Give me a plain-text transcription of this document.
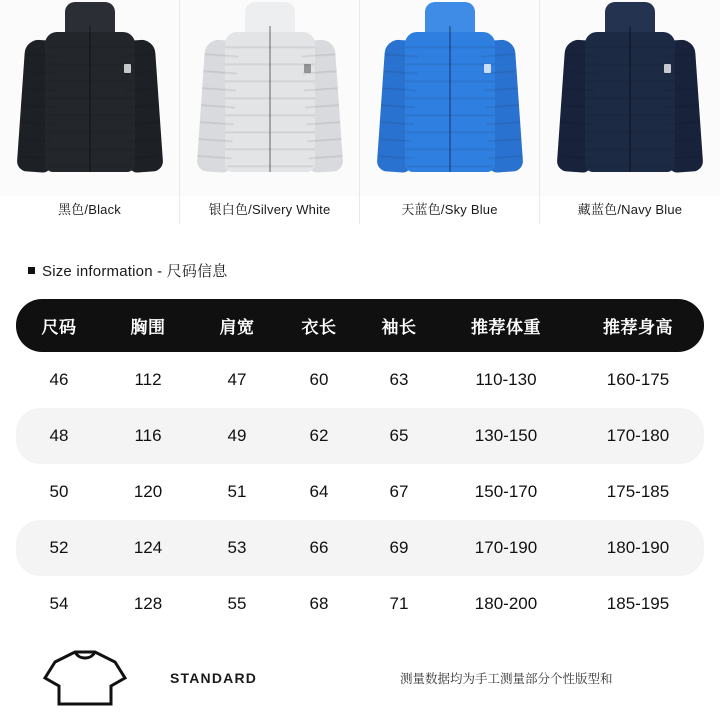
黑色/Black	银白色/Silvery White	天蓝色/Sky Blue	藏蓝色/Navy Blue
Size information - 尺码信息
尺码	胸围	肩宽	衣长	袖长	推荐体重	推荐身高
46	112	47	60	63	110-130	160-175
48	116	49	62	65	130-150	170-180
50	120	51	64	67	150-170	175-185
52	124	53	66	69	170-190	180-190
54	128	55	68	71	180-200	185-195
STANDARD	测量数据均为手工测量部分个性版型和
